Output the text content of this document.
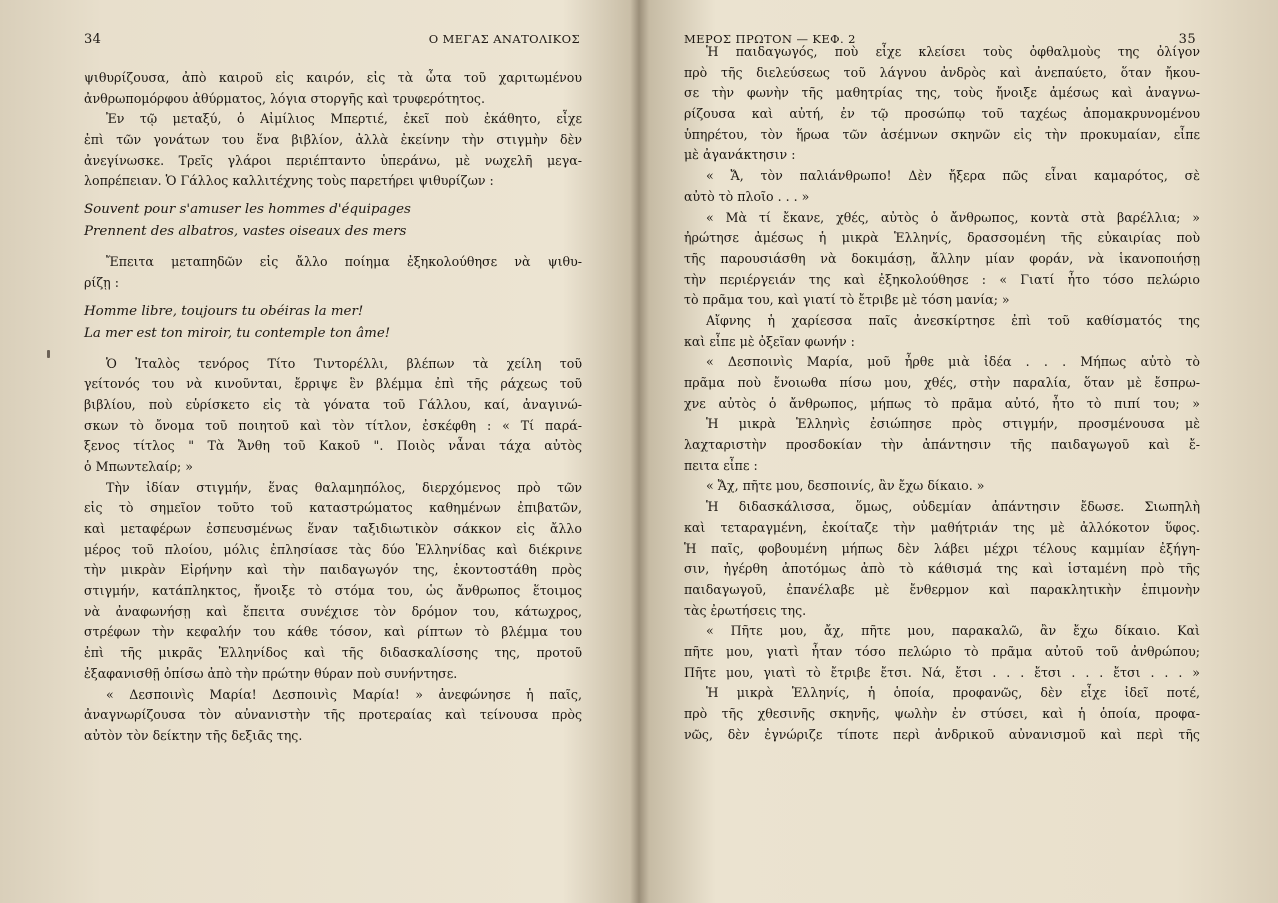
34	Ο ΜΕΓΑΣ ΑΝΑΤΟΛΙΚΟΣ
ψιθυρίζουσα, ἀπὸ καιροῦ εἰς καιρόν, εἰς τὰ ὦτα τοῦ χαριτωμένου
ἀνθρωπομόρφου ἀθύρματος, λόγια στοργῆς καὶ τρυφερότητος.
Ἐν τῷ μεταξύ, ὁ Αἰμίλιος Μπερτιέ, ἐκεῖ ποὺ ἐκάθητο, εἶχε
ἐπὶ τῶν γονάτων του ἕνα βιβλίον, ἀλλὰ ἐκείνην τὴν στιγμὴν δὲν
ἀνεγίνωσκε. Τρεῖς γλάροι περιέπταντο ὑπεράνω, μὲ νωχελῆ μεγα-
λοπρέπειαν. Ὁ Γάλλος καλλιτέχνης τοὺς παρετήρει ψιθυρίζων :
Souvent pour s'amuser les hommes d'équipages
Prennent des albatros, vastes oiseaux des mers
Ἔπειτα μεταπηδῶν εἰς ἄλλο ποίημα ἐξηκολούθησε νὰ ψιθυ-
ρίζῃ :
Homme libre, toujours tu obéiras la mer!
La mer est ton miroir, tu contemple ton âme!
Ὁ Ἰταλὸς τενόρος Τίτο Τιντορέλλι, βλέπων τὰ χείλη τοῦ
γείτονός του νὰ κινοῦνται, ἔρριψε ἓν βλέμμα ἐπὶ τῆς ράχεως τοῦ
βιβλίου, ποὺ εὑρίσκετο εἰς τὰ γόνατα τοῦ Γάλλου, καί, ἀναγινώ-
σκων τὸ ὄνομα τοῦ ποιητοῦ καὶ τὸν τίτλον, ἐσκέφθη : « Τί παρά-
ξενος τίτλος " Τὰ Ἄνθη τοῦ Κακοῦ ". Ποιὸς νἆναι τάχα αὐτὸς
ὁ Μπωντελαίρ; »
Τὴν ἰδίαν στιγμήν, ἕνας θαλαμηπόλος, διερχόμενος πρὸ τῶν
εἰς τὸ σημεῖον τοῦτο τοῦ καταστρώματος καθημένων ἐπιβατῶν,
καὶ μεταφέρων ἐσπευσμένως ἕναν ταξιδιωτικὸν σάκκον εἰς ἄλλο
μέρος τοῦ πλοίου, μόλις ἐπλησίασε τὰς δύο Ἑλληνίδας καὶ διέκρινε
τὴν μικρὰν Εἰρήνην καὶ τὴν παιδαγωγόν της, ἐκοντοστάθη πρὸς
στιγμήν, κατάπληκτος, ἤνοιξε τὸ στόμα του, ὡς ἄνθρωπος ἕτοιμος
νὰ ἀναφωνήσῃ καὶ ἔπειτα συνέχισε τὸν δρόμον του, κάτωχρος,
στρέφων τὴν κεφαλήν του κάθε τόσον, καὶ ρίπτων τὸ βλέμμα του
ἐπὶ τῆς μικρᾶς Ἑλληνίδος καὶ τῆς διδασκαλίσσης της, προτοῦ
ἐξαφανισθῇ ὀπίσω ἀπὸ τὴν πρώτην θύραν ποὺ συνήντησε.
« Δεσποινὶς Μαρία! Δεσποινὶς Μαρία! » ἀνεφώνησε ἡ παῖς,
ἀναγνωρίζουσα τὸν αὐνανιστὴν τῆς προτεραίας καὶ τείνουσα πρὸς
αὐτὸν τὸν δείκτην τῆς δεξιᾶς της.
ΜΕΡΟΣ ΠΡΩΤΟΝ — ΚΕΦ. 2	35
Ἡ παιδαγωγός, ποὺ εἶχε κλείσει τοὺς ὀφθαλμοὺς της ὀλίγον
πρὸ τῆς διελεύσεως τοῦ λάγνου ἀνδρὸς καὶ ἀνεπαύετο, ὅταν ἤκου-
σε τὴν φωνὴν τῆς μαθητρίας της, τοὺς ἤνοιξε ἀμέσως καὶ ἀναγνω-
ρίζουσα καὶ αὐτή, ἐν τῷ προσώπῳ τοῦ ταχέως ἀπομακρυνομένου
ὑπηρέτου, τὸν ἥρωα τῶν ἀσέμνων σκηνῶν εἰς τὴν προκυμαίαν, εἶπε
μὲ ἀγανάκτησιν :
« Ἄ, τὸν παλιάνθρωπο! Δὲν ἤξερα πῶς εἶναι καμαρότος, σὲ
αὐτὸ τὸ πλοῖο . . . »
« Μὰ τί ἔκανε, χθές, αὐτὸς ὁ ἄνθρωπος, κοντὰ στὰ βαρέλλια; »
ἠρώτησε ἀμέσως ἡ μικρὰ Ἑλληνίς, δρασσομένη τῆς εὐκαιρίας ποὺ
τῆς παρουσιάσθη νὰ δοκιμάσῃ, ἄλλην μίαν φοράν, νὰ ἱκανοποιήσῃ
τὴν περιέργειάν της καὶ ἐξηκολούθησε : « Γιατί ἦτο τόσο πελώριο
τὸ πρᾶμα του, καὶ γιατί τὸ ἔτριβε μὲ τόση μανία; »
Αἴφνης ἡ χαρίεσσα παῖς ἀνεσκίρτησε ἐπὶ τοῦ καθίσματός της
καὶ εἶπε μὲ ὀξεῖαν φωνήν :
« Δεσποινὶς Μαρία, μοῦ ἦρθε μιὰ ἰδέα . . . Μήπως αὐτὸ τὸ
πρᾶμα ποὺ ἔνοιωθα πίσω μου, χθές, στὴν παραλία, ὅταν μὲ ἔσπρω-
χνε αὐτὸς ὁ ἄνθρωπος, μήπως τὸ πρᾶμα αὐτό, ἦτο τὸ πιπί του; »
Ἡ μικρὰ Ἑλληνὶς ἐσιώπησε πρὸς στιγμήν, προσμένουσα μὲ
λαχταριστὴν προσδοκίαν τὴν ἀπάντησιν τῆς παιδαγωγοῦ καὶ ἔ-
πειτα εἶπε :
« Ἄχ, πῆτε μου, δεσποινίς, ἂν ἔχω δίκαιο. »
Ἡ διδασκάλισσα, ὅμως, οὐδεμίαν ἀπάντησιν ἔδωσε. Σιωπηλὴ
καὶ τεταραγμένη, ἐκοίταζε τὴν μαθήτριάν της μὲ ἀλλόκοτον ὕφος.
Ἡ παῖς, φοβουμένη μήπως δὲν λάβει μέχρι τέλους καμμίαν ἐξήγη-
σιν, ἠγέρθη ἀποτόμως ἀπὸ τὸ κάθισμά της καὶ ἱσταμένη πρὸ τῆς
παιδαγωγοῦ, ἐπανέλαβε μὲ ἔνθερμον καὶ παρακλητικὴν ἐπιμονὴν
τὰς ἐρωτήσεις της.
« Πῆτε μου, ἄχ, πῆτε μου, παρακαλῶ, ἂν ἔχω δίκαιο. Καὶ
πῆτε μου, γιατὶ ἦταν τόσο πελώριο τὸ πρᾶμα αὐτοῦ τοῦ ἀνθρώπου;
Πῆτε μου, γιατὶ τὸ ἔτριβε ἔτσι. Νά, ἔτσι . . . ἔτσι . . . ἔτσι . . . »
Ἡ μικρὰ Ἑλληνίς, ἡ ὁποία, προφανῶς, δὲν εἶχε ἰδεῖ ποτέ,
πρὸ τῆς χθεσινῆς σκηνῆς, ψωλὴν ἐν στύσει, καὶ ἡ ὁποία, προφα-
νῶς, δὲν ἐγνώριζε τίποτε περὶ ἀνδρικοῦ αὐνανισμοῦ καὶ περὶ τῆς
